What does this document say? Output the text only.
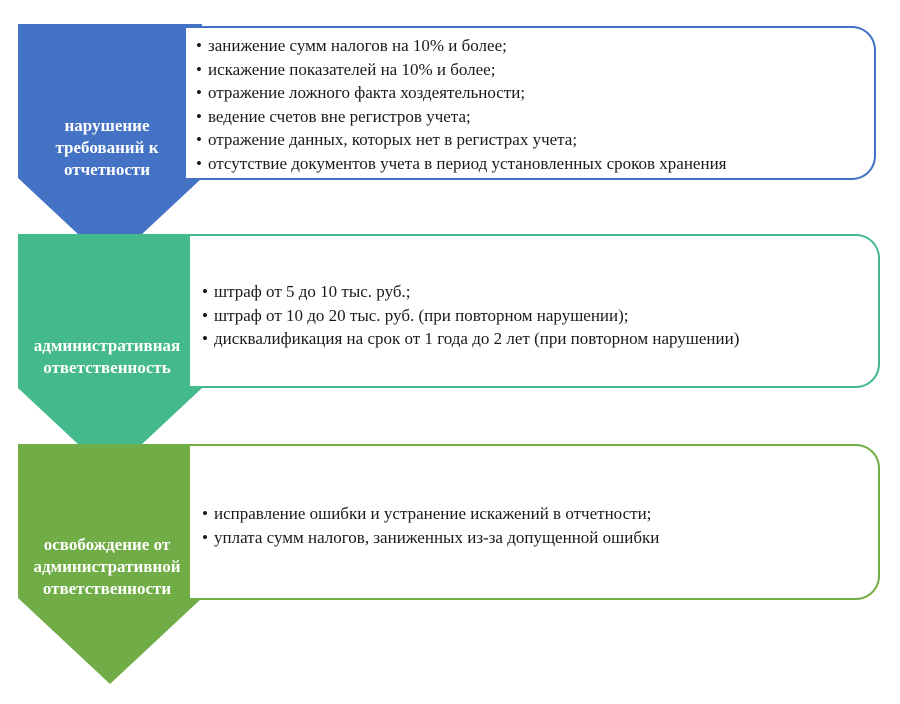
• занижение сумм налогов на 10% и более;
• искажение показателей на 10% и более;
• отражение ложного факта хоздеятельности;
• ведение счетов вне регистров учета;
• отражение данных, которых нет в регистрах учета;
• отсутствие документов учета в период установленных сроков хранения
нарушение
требований к
отчетности
• штраф от 5 до 10 тыс. руб.;
• штраф от 10 до 20 тыс. руб. (при повторном нарушении);
• дисквалификация на срок от 1 года до 2 лет (при повторном нарушении)
административная
ответственность
• исправление ошибки и устранение искажений в отчетности;
• уплата сумм налогов, заниженных из-за допущенной ошибки
освобождение от
административной
ответственности
